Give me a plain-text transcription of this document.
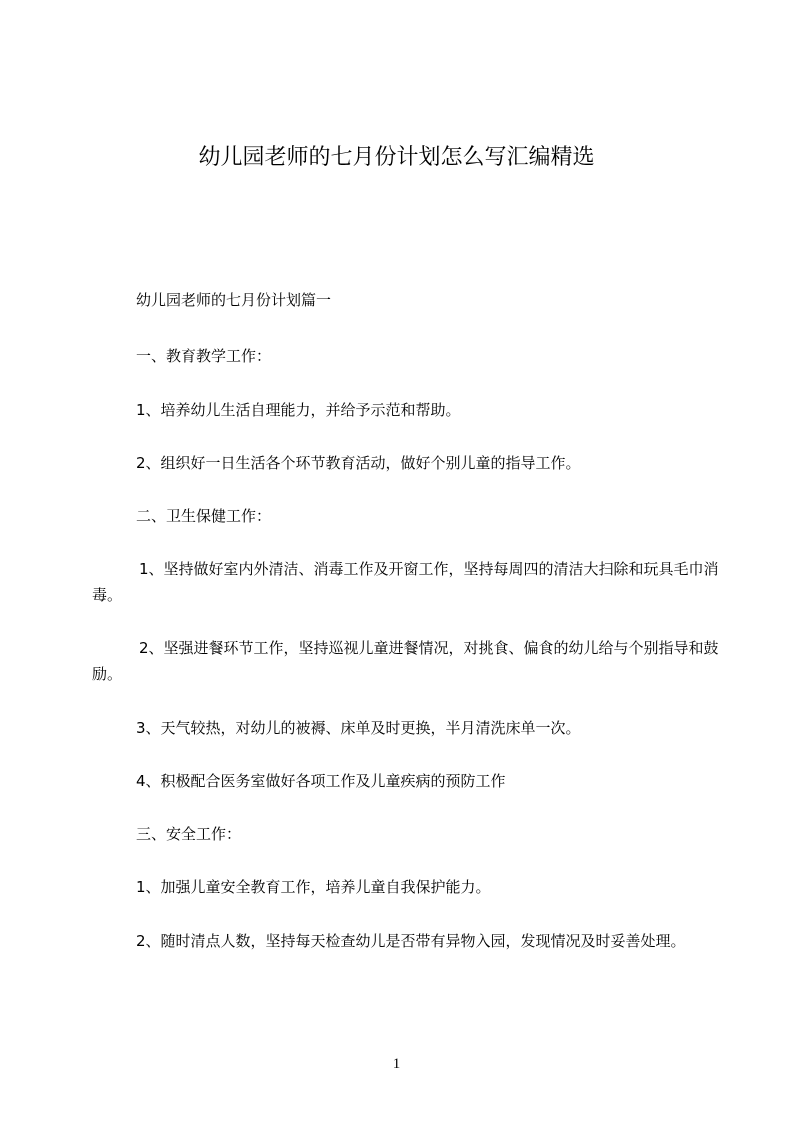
幼儿园老师的七月份计划怎么写汇编精选

幼儿园老师的七月份计划篇一

一、教育教学工作：

1、培养幼儿生活自理能力，并给予示范和帮助。

2、组织好一日生活各个环节教育活动，做好个别儿童的指导工作。

二、卫生保健工作：

1、坚持做好室内外清洁、消毒工作及开窗工作，坚持每周四的清洁大扫除和玩具毛巾消毒。

2、坚强进餐环节工作，坚持巡视儿童进餐情况，对挑食、偏食的幼儿给与个别指导和鼓励。

3、天气较热，对幼儿的被褥、床单及时更换，半月清洗床单一次。

4、积极配合医务室做好各项工作及儿童疾病的预防工作

三、安全工作：

1、加强儿童安全教育工作，培养儿童自我保护能力。

2、随时清点人数，坚持每天检查幼儿是否带有异物入园，发现情况及时妥善处理。

1
